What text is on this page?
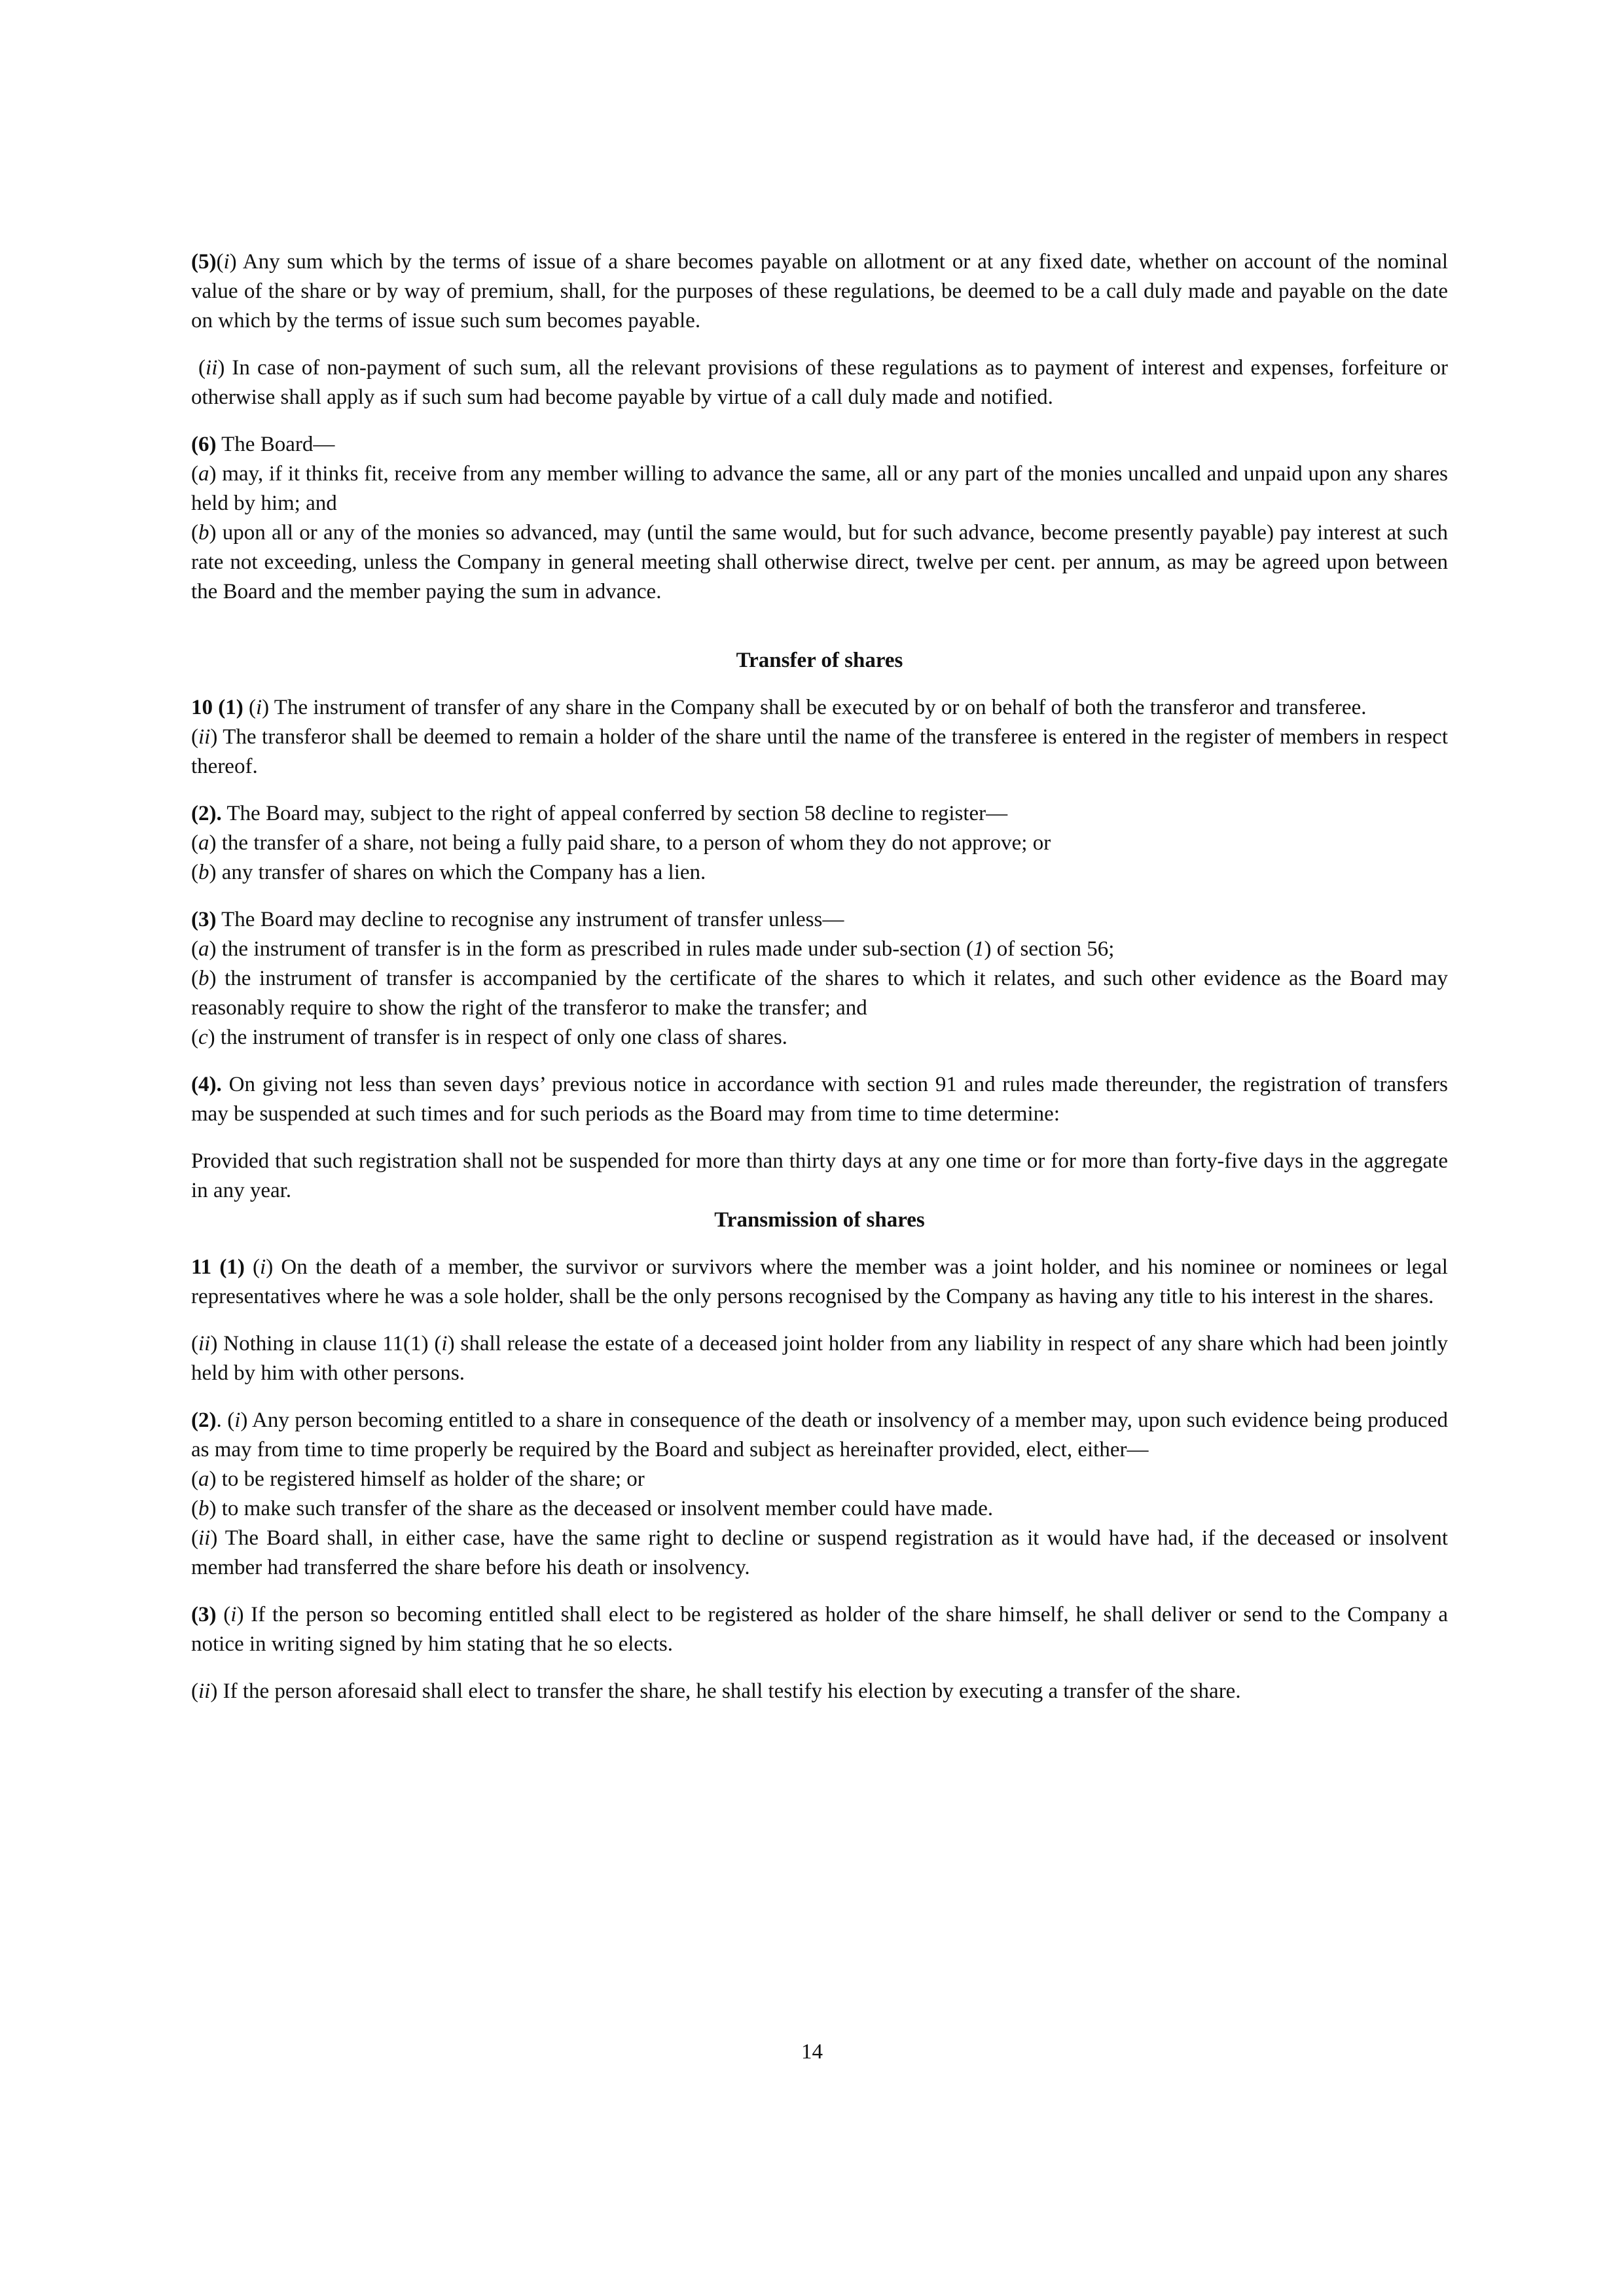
(5)(i) Any sum which by the terms of issue of a share becomes payable on allotment or at any fixed date, whether on account of the nominal value of the share or by way of premium, shall, for the purposes of these regulations, be deemed to be a call duly made and payable on the date on which by the terms of issue such sum becomes payable.

(ii) In case of non-payment of such sum, all the relevant provisions of these regulations as to payment of interest and expenses, forfeiture or otherwise shall apply as if such sum had become payable by virtue of a call duly made and notified.

(6) The Board—

(a) may, if it thinks fit, receive from any member willing to advance the same, all or any part of the monies uncalled and unpaid upon any shares held by him; and

(b) upon all or any of the monies so advanced, may (until the same would, but for such advance, become presently payable) pay interest at such rate not exceeding, unless the Company in general meeting shall otherwise direct, twelve per cent. per annum, as may be agreed upon between the Board and the member paying the sum in advance.

Transfer of shares

10 (1) (i) The instrument of transfer of any share in the Company shall be executed by or on behalf of both the transferor and transferee.

(ii) The transferor shall be deemed to remain a holder of the share until the name of the transferee is entered in the register of members in respect thereof.

(2). The Board may, subject to the right of appeal conferred by section 58 decline to register—

(a) the transfer of a share, not being a fully paid share, to a person of whom they do not approve; or

(b) any transfer of shares on which the Company has a lien.

(3) The Board may decline to recognise any instrument of transfer unless—

(a) the instrument of transfer is in the form as prescribed in rules made under sub-section (1) of section 56;

(b) the instrument of transfer is accompanied by the certificate of the shares to which it relates, and such other evidence as the Board may reasonably require to show the right of the transferor to make the transfer; and

(c) the instrument of transfer is in respect of only one class of shares.

(4). On giving not less than seven days’ previous notice in accordance with section 91 and rules made thereunder, the registration of transfers may be suspended at such times and for such periods as the Board may from time to time determine:

Provided that such registration shall not be suspended for more than thirty days at any one time or for more than forty-five days in the aggregate in any year.

Transmission of shares

11 (1) (i) On the death of a member, the survivor or survivors where the member was a joint holder, and his nominee or nominees or legal representatives where he was a sole holder, shall be the only persons recognised by the Company as having any title to his interest in the shares.

(ii) Nothing in clause 11(1) (i) shall release the estate of a deceased joint holder from any liability in respect of any share which had been jointly held by him with other persons.

(2). (i) Any person becoming entitled to a share in consequence of the death or insolvency of a member may, upon such evidence being produced as may from time to time properly be required by the Board and subject as hereinafter provided, elect, either—

(a) to be registered himself as holder of the share; or

(b) to make such transfer of the share as the deceased or insolvent member could have made.

(ii) The Board shall, in either case, have the same right to decline or suspend registration as it would have had, if the deceased or insolvent member had transferred the share before his death or insolvency.

(3) (i) If the person so becoming entitled shall elect to be registered as holder of the share himself, he shall deliver or send to the Company a notice in writing signed by him stating that he so elects.

(ii) If the person aforesaid shall elect to transfer the share, he shall testify his election by executing a transfer of the share.

14
